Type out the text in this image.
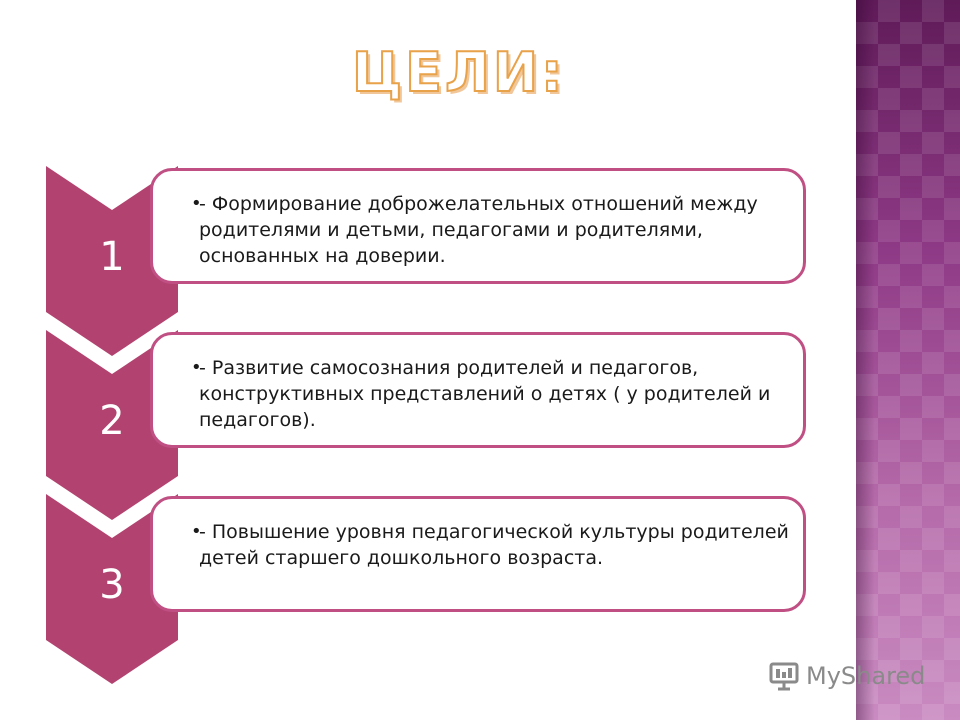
ЦЕЛИ:
1
•
- Формирование доброжелательных отношений между родителями и детьми, педагогами и родителями, основанных на доверии.
2
•
- Развитие самосознания родителей и педагогов, конструктивных представлений о детях ( у родителей и педагогов).
3
•
- Повышение уровня педагогической культуры родителей детей старшего дошкольного возраста.
MyShared
